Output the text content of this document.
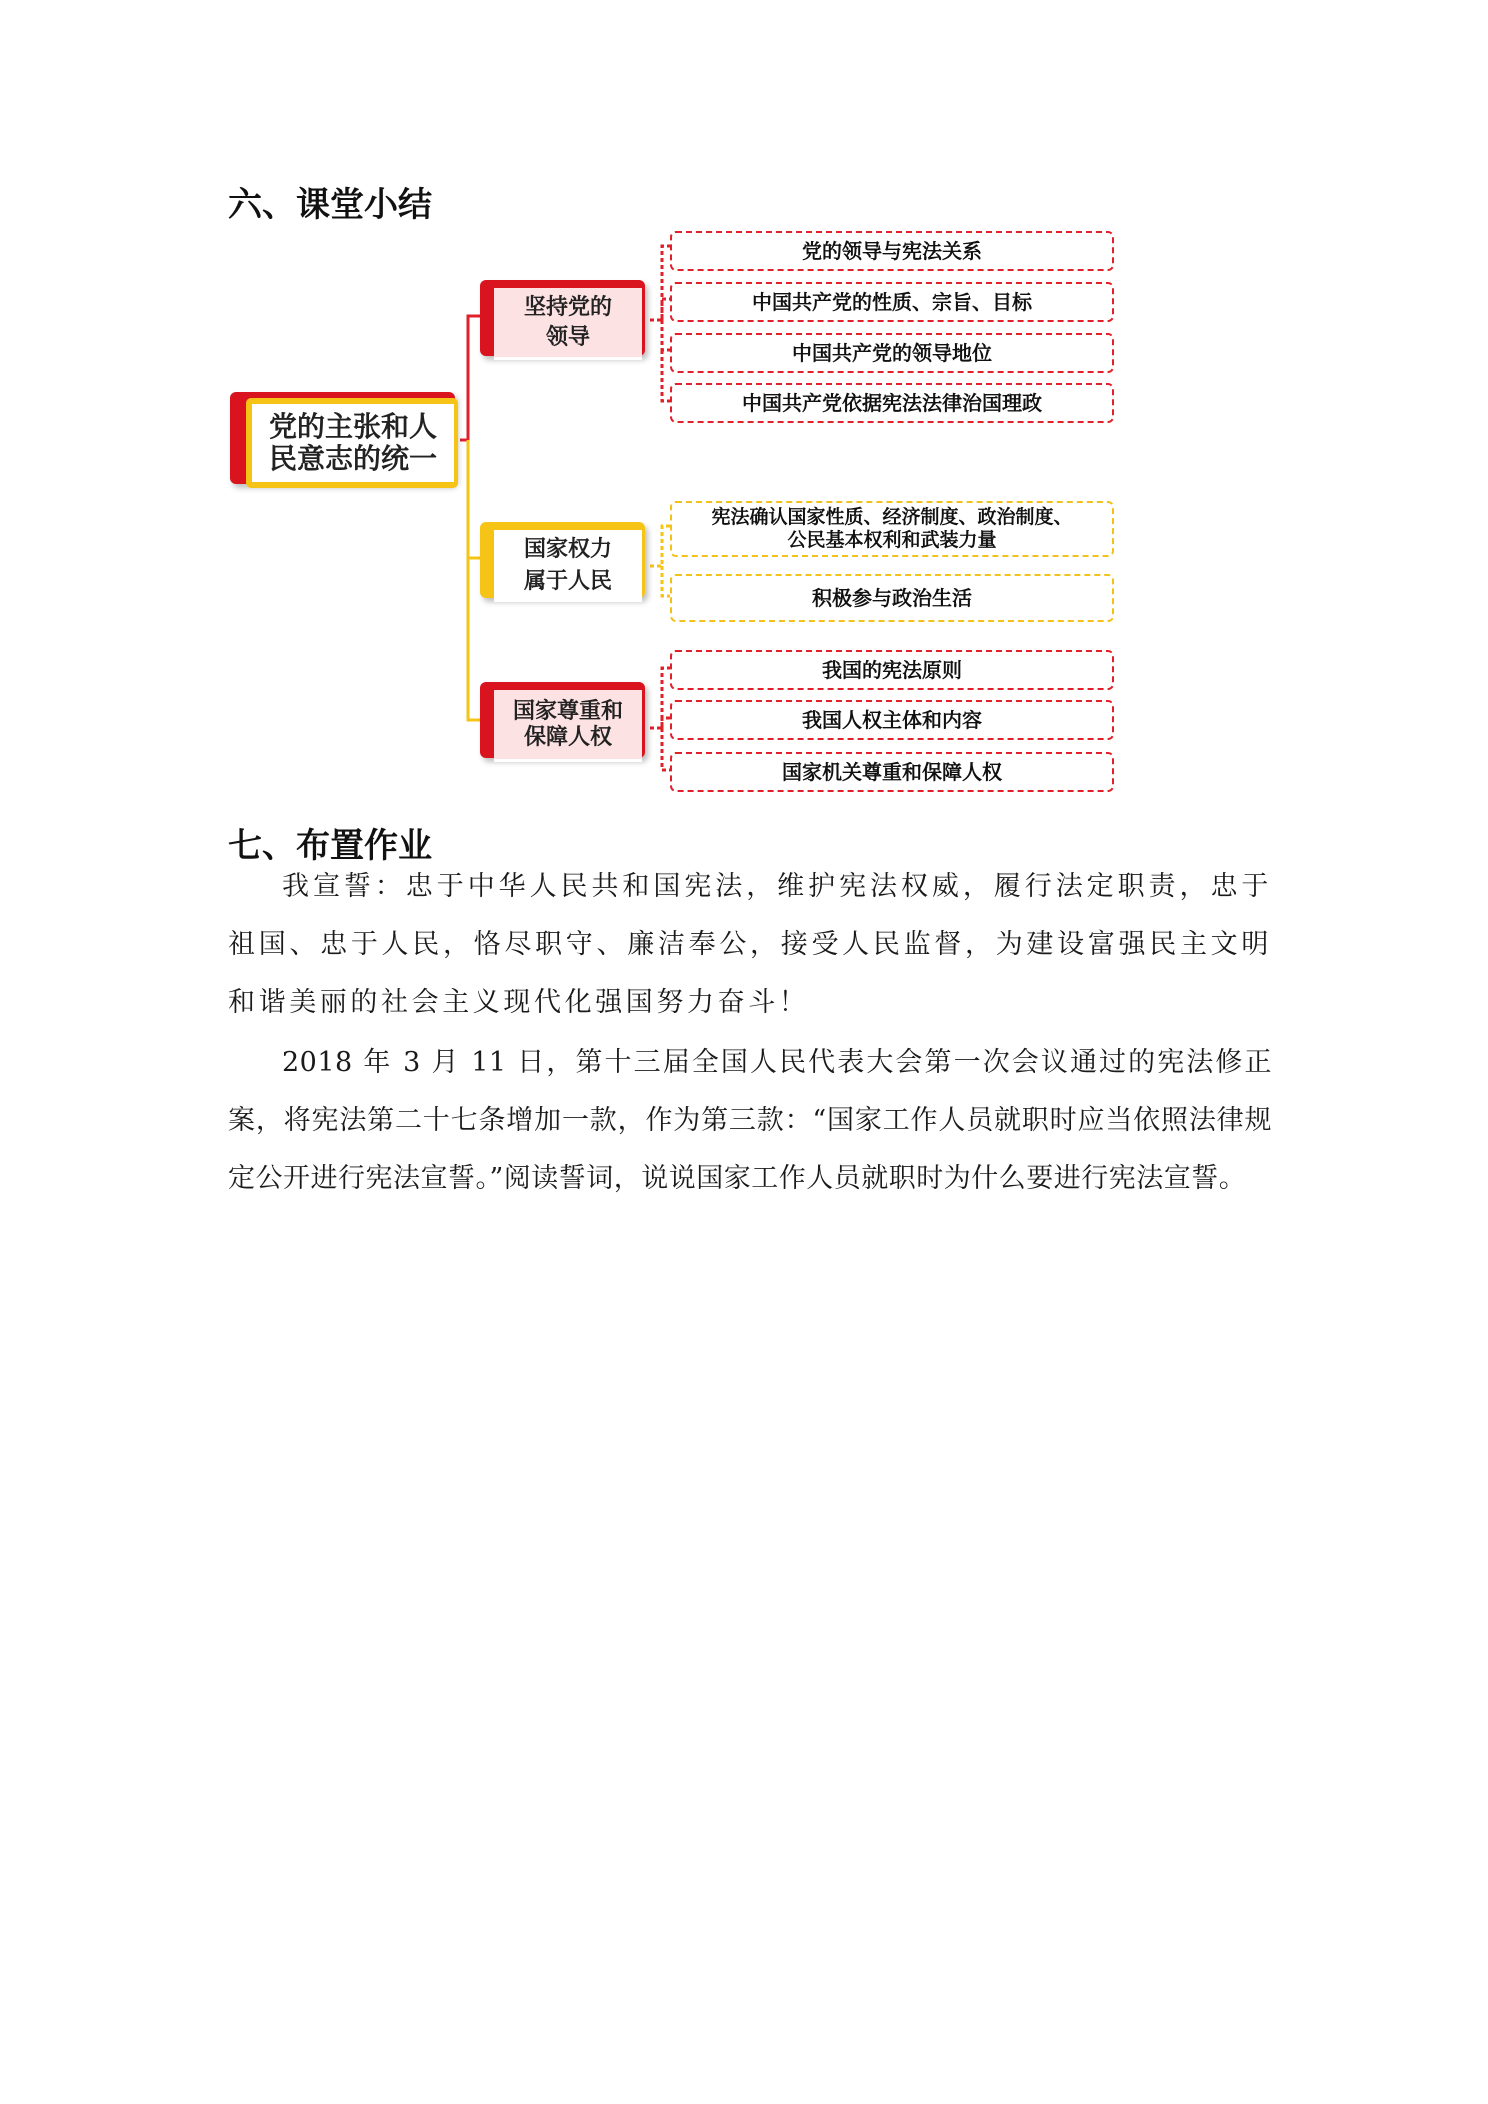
六、课堂小结
党的主张和人
民意志的统一
坚持党的
领导
国家权力
属于人民
国家尊重和
保障人权
党的领导与宪法关系
中国共产党的性质、宗旨、目标
中国共产党的领导地位
中国共产党依据宪法法律治国理政
宪法确认国家性质、经济制度、政治制度、
公民基本权利和武装力量
积极参与政治生活
我国的宪法原则
我国人权主体和内容
国家机关尊重和保障人权
七、布置作业

我宣誓：忠于中华人民共和国宪法，维护宪法权威，履行法定职责，忠于祖国、忠于人民，恪尽职守、廉洁奉公，接受人民监督，为建设富强民主文明和谐美丽的社会主义现代化强国努力奋斗！

2018 年 3 月 11 日，第十三届全国人民代表大会第一次会议通过的宪法修正案，将宪法第二十七条增加一款，作为第三款：“国家工作人员就职时应当依照法律规定公开进行宪法宣誓。”阅读誓词，说说国家工作人员就职时为什么要进行宪法宣誓。
